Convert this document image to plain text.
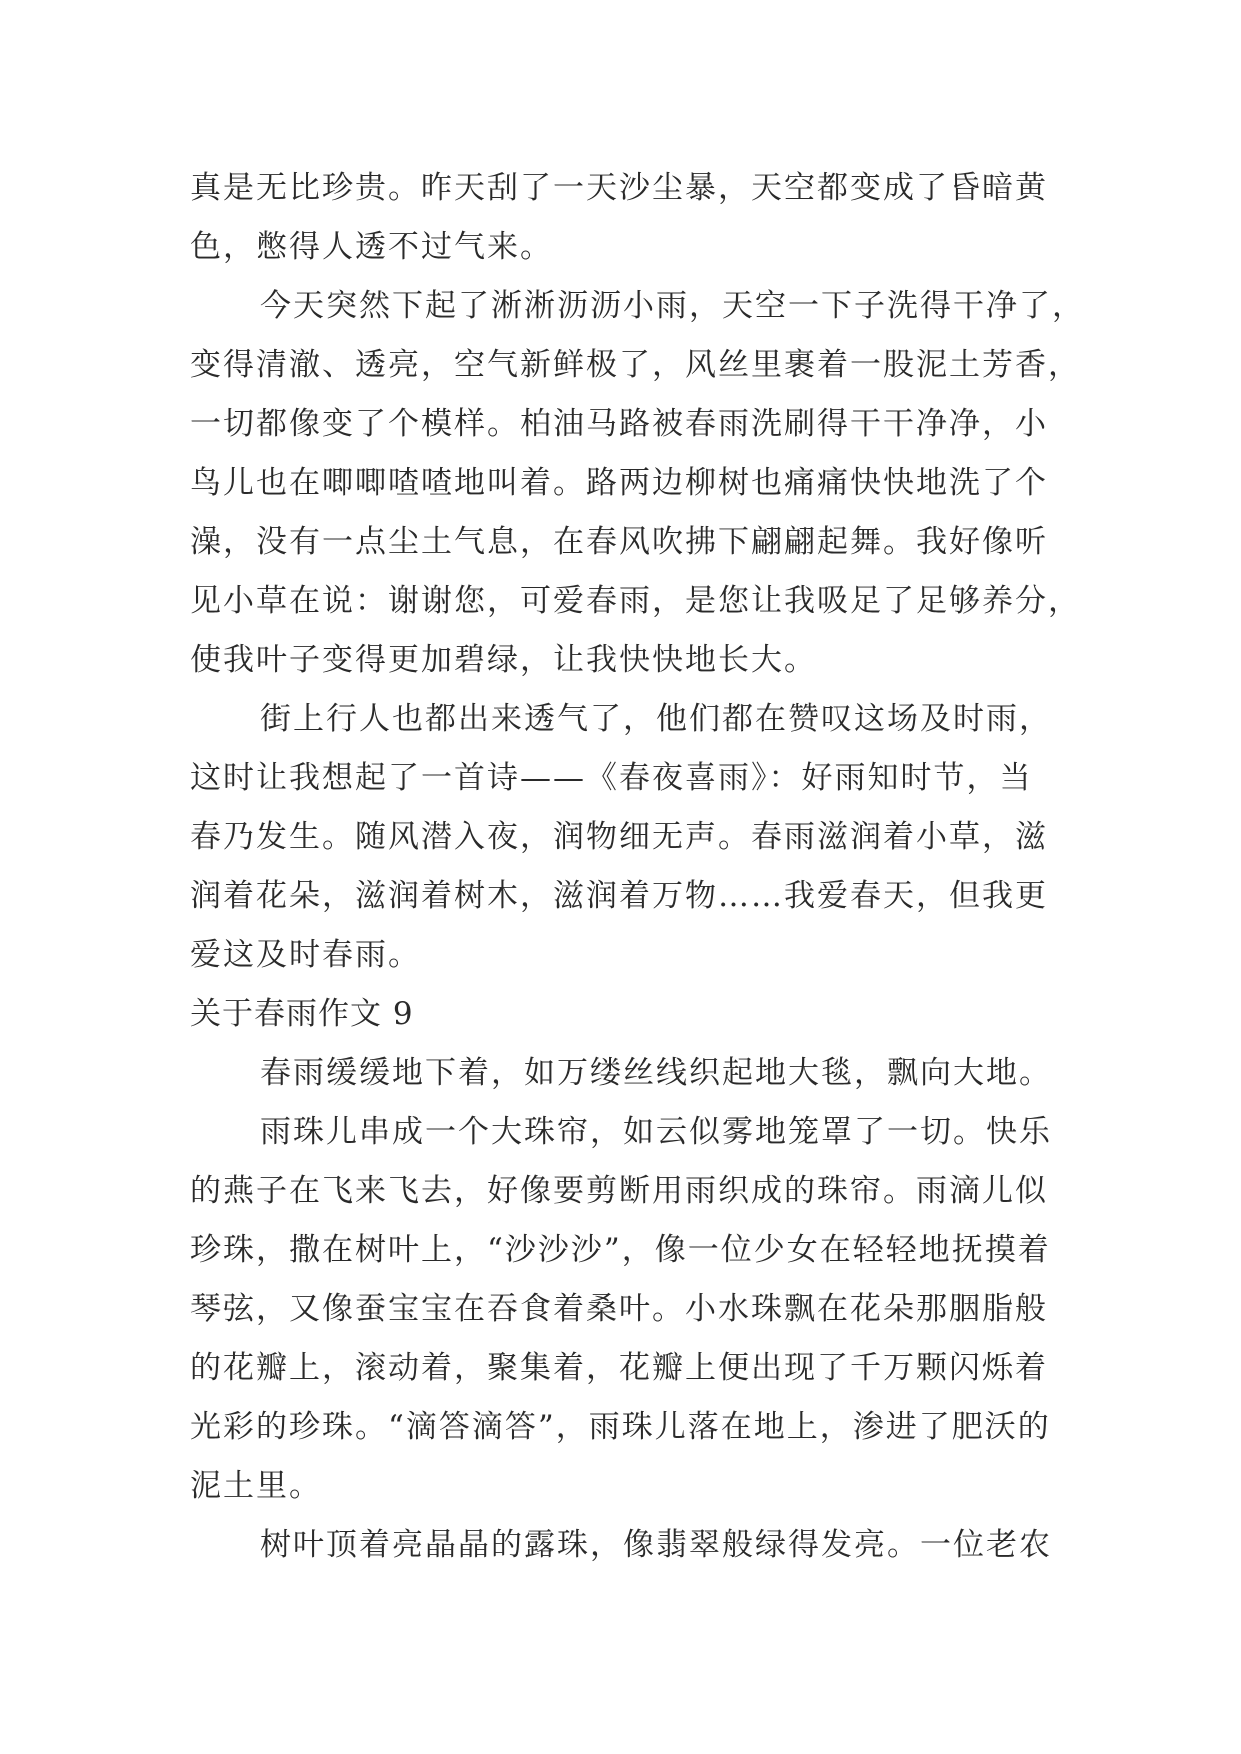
真是无比珍贵。昨天刮了一天沙尘暴，天空都变成了昏暗黄
色，憋得人透不过气来。
今天突然下起了淅淅沥沥小雨，天空一下子洗得干净了，
变得清澈、透亮，空气新鲜极了，风丝里裹着一股泥土芳香，
一切都像变了个模样。柏油马路被春雨洗刷得干干净净，小
鸟儿也在唧唧喳喳地叫着。路两边柳树也痛痛快快地洗了个
澡，没有一点尘土气息，在春风吹拂下翩翩起舞。我好像听
见小草在说：谢谢您，可爱春雨，是您让我吸足了足够养分，
使我叶子变得更加碧绿，让我快快地长大。
街上行人也都出来透气了，他们都在赞叹这场及时雨，
这时让我想起了一首诗——《春夜喜雨》：好雨知时节，当
春乃发生。随风潜入夜，润物细无声。春雨滋润着小草，滋
润着花朵，滋润着树木，滋润着万物……我爱春天，但我更
爱这及时春雨。
关于春雨作文 9
春雨缓缓地下着，如万缕丝线织起地大毯，飘向大地。
雨珠儿串成一个大珠帘，如云似雾地笼罩了一切。快乐
的燕子在飞来飞去，好像要剪断用雨织成的珠帘。雨滴儿似
珍珠，撒在树叶上，“沙沙沙”，像一位少女在轻轻地抚摸着
琴弦，又像蚕宝宝在吞食着桑叶。小水珠飘在花朵那胭脂般
的花瓣上，滚动着，聚集着，花瓣上便出现了千万颗闪烁着
光彩的珍珠。“滴答滴答”，雨珠儿落在地上，渗进了肥沃的
泥土里。
树叶顶着亮晶晶的露珠，像翡翠般绿得发亮。一位老农
